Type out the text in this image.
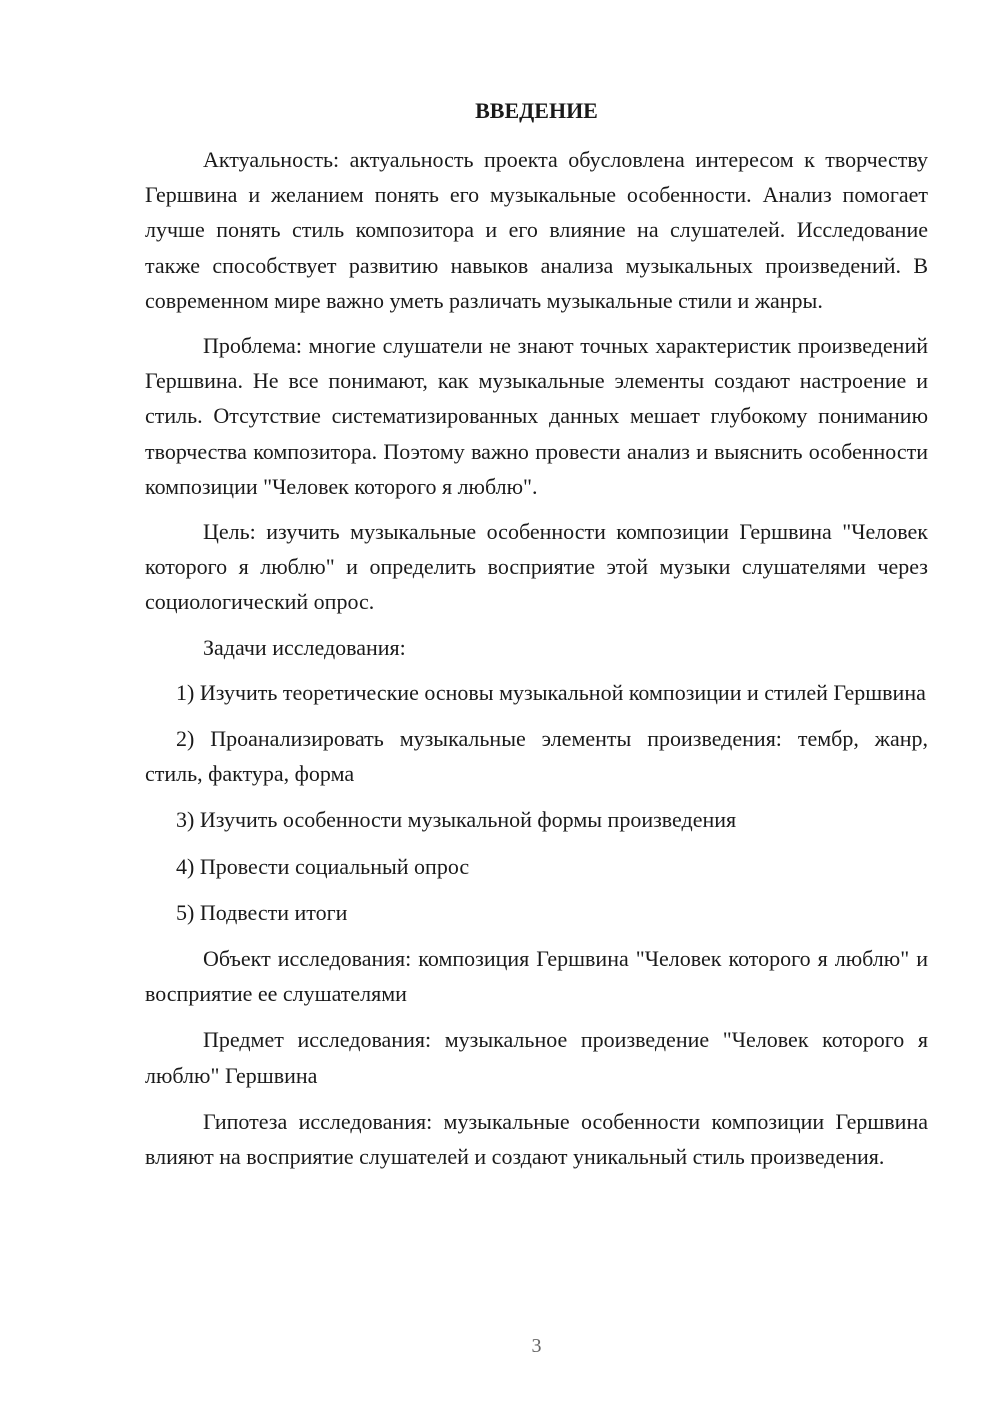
ВВЕДЕНИЕ

Актуальность: актуальность проекта обусловлена интересом к творчеству Гершвина и желанием понять его музыкальные особенности. Анализ помогает лучше понять стиль композитора и его влияние на слушателей. Исследование также способствует развитию навыков анализа музыкальных произведений. В современном мире важно уметь различать музыкальные стили и жанры.

Проблема: многие слушатели не знают точных характеристик произведений Гершвина. Не все понимают, как музыкальные элементы создают настроение и стиль. Отсутствие систематизированных данных мешает глубокому пониманию творчества композитора. Поэтому важно провести анализ и выяснить особенности композиции "Человек которого я люблю".

Цель: изучить музыкальные особенности композиции Гершвина "Человек которого я люблю" и определить восприятие этой музыки слушателями через социологический опрос.

Задачи исследования:

1) Изучить теоретические основы музыкальной композиции и стилей Гершвина

2) Проанализировать музыкальные элементы произведения: тембр, жанр, стиль, фактура, форма

3) Изучить особенности музыкальной формы произведения

4) Провести социальный опрос

5) Подвести итоги

Объект исследования: композиция Гершвина "Человек которого я люблю" и восприятие ее слушателями

Предмет исследования: музыкальное произведение "Человек которого я люблю" Гершвина

Гипотеза исследования: музыкальные особенности композиции Гершвина влияют на восприятие слушателей и создают уникальный стиль произведения.

3
